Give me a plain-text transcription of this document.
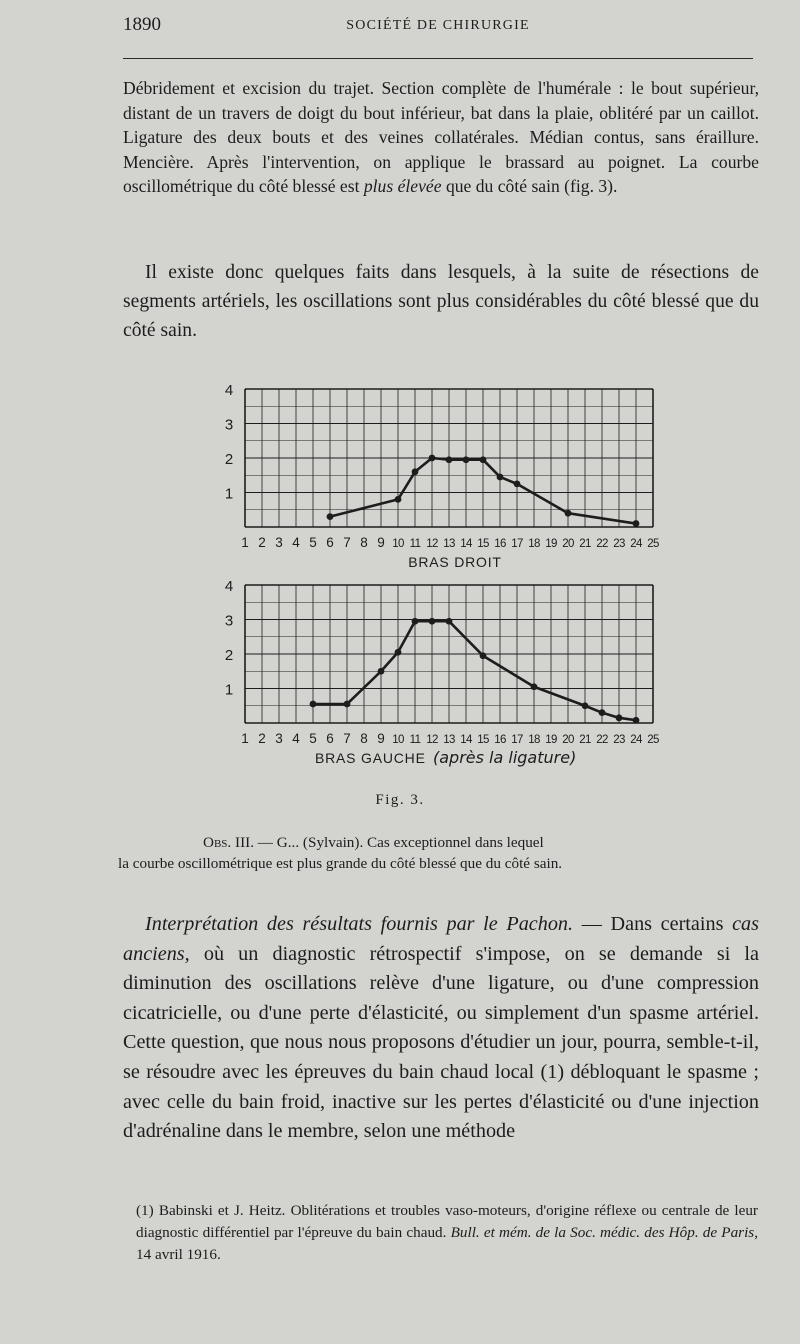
1890	SOCIÉTÉ DE CHIRURGIE

Débridement et excision du trajet. Section complète de l'humérale : le bout supérieur, distant de un travers de doigt du bout inférieur, bat dans la plaie, oblitéré par un caillot. Ligature des deux bouts et des veines collatérales. Médian contus, sans éraillure. Mencière. Après l'intervention, on applique le brassard au poignet. La courbe oscillométrique du côté blessé est plus élevée que du côté sain (fig. 3).

Il existe donc quelques faits dans lesquels, à la suite de résections de segments artériels, les oscillations sont plus considérables du côté blessé que du côté sain.

1
2
3
4
1 2 3 4 5 6 7 8 9 10 11 12 13 14 15 16 17 18 19 20 21 22 23 24 25
BRAS DROIT
1
2
3
4
1 2 3 4 5 6 7 8 9 10 11 12 13 14 15 16 17 18 19 20 21 22 23 24 25
BRAS GAUCHE (après la ligature)
Fig. 3.

Obs. III. — G... (Sylvain). Cas exceptionnel dans lequel
la courbe oscillométrique est plus grande du côté blessé que du côté sain.

Interprétation des résultats fournis par le Pachon. — Dans certains cas anciens, où un diagnostic rétrospectif s'impose, on se demande si la diminution des oscillations relève d'une ligature, ou d'une compression cicatricielle, ou d'une perte d'élasticité, ou simplement d'un spasme artériel. Cette question, que nous nous proposons d'étudier un jour, pourra, semble-t-il, se résoudre avec les épreuves du bain chaud local (1) débloquant le spasme ; avec celle du bain froid, inactive sur les pertes d'élasticité ou d'une injection d'adrénaline dans le membre, selon une méthode

(1) Babinski et J. Heitz. Oblitérations et troubles vaso-moteurs, d'origine réflexe ou centrale de leur diagnostic différentiel par l'épreuve du bain chaud. Bull. et mém. de la Soc. médic. des Hôp. de Paris, 14 avril 1916.
